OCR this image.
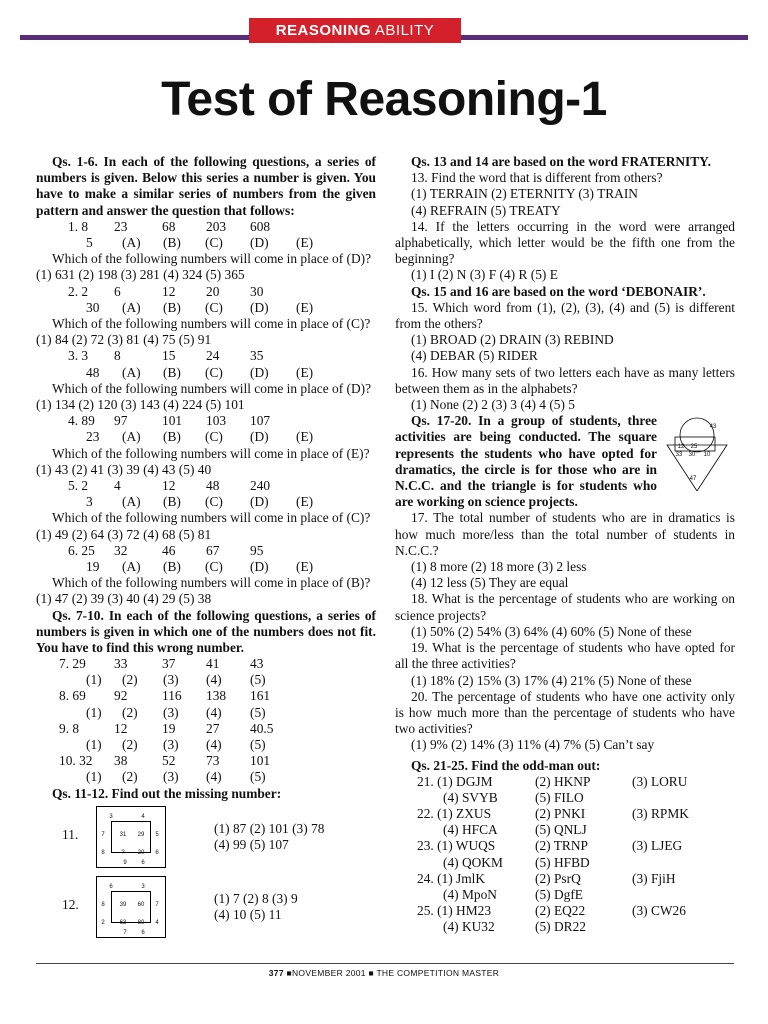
REASONING ABILITY
Test of Reasoning-1

Qs. 1-6. In each of the following questions, a series of numbers is given. Below this series a number is given. You have to make a similar series of numbers from the given pattern and answer the question that follows:

1. 8 23	68 203 608
5 (A) (B) (C) (D) (E)

Which of the following numbers will come in place of (D)?

(1) 631 (2) 198 (3) 281 (4) 324 (5) 365

2. 2 6	12 20 30
30 (A) (B) (C) (D) (E)

Which of the following numbers will come in place of (C)?

(1) 84 (2) 72 (3) 81 (4) 75 (5) 91

3. 3 8	15 24 35
48 (A) (B) (C) (D) (E)

Which of the following numbers will come in place of (D)?

(1) 134 (2) 120 (3) 143 (4) 224 (5) 101

4. 89 97	101 103 107
23 (A) (B) (C) (D) (E)

Which of the following numbers will come in place of (E)?

(1) 43 (2) 41 (3) 39 (4) 43 (5) 40

5. 2 4	12 48 240
3 (A) (B) (C) (D) (E)

Which of the following numbers will come in place of (C)?

(1) 49 (2) 64 (3) 72 (4) 68 (5) 81

6. 25 32	46 67 95
19 (A) (B) (C) (D) (E)

Which of the following numbers will come in place of (B)?

(1) 47 (2) 39 (3) 40 (4) 29 (5) 38

Qs. 7-10. In each of the following questions, a series of numbers is given in which one of the numbers does not fit. You have to find this wrong number.

7. 29 33	37 41 43
(1) (2) (3) (4) (5)
8. 69 92	116 138 161
(1) (2) (3) (4) (5)
9. 8	12	19 27 40.5
(1) (2) (3) (4) (5)
10. 32 38	52 73 101
(1) (2) (3) (4) (5)

Qs. 11-12. Find out the missing number:

11.
3	4
7	31	29	5
8	?	20	6
9	6
(1) 87 (2) 101 (3) 78
(4) 99 (5) 107
12.
6	3
8	39	60	7
2	63	80	4
7	6
(1) 7 (2) 8 (3) 9
(4) 10 (5) 11

Qs. 13 and 14 are based on the word FRATERNITY.

13. Find the word that is different from others?

(1) TERRAIN (2) ETERNITY (3) TRAIN

(4) REFRAIN (5) TREATY

14. If the letters occurring in the word were arranged alphabetically, which letter would be the fifth one from the beginning?

(1) I (2) N (3) F (4) R (5) E

Qs. 15 and 16 are based on the word ‘DEBONAIR’.

15. Which word from (1), (2), (3), (4) and (5) is different from the others?

(1) BROAD (2) DRAIN (3) REBIND

(4) DEBAR (5) RIDER

16. How many sets of two letters each have as many letters between them as in the alphabets?

(1) None (2) 2 (3) 3 (4) 4 (5) 5

43
12	25
33	30	10
47

Qs. 17-20. In a group of students, three activities are being conducted. The square represents the students who have opted for dramatics, the circle is for those who are in N.C.C. and the triangle is for students who are working on science projects.

17. The total number of students who are in dramatics is how much more/less than the total number of students in N.C.C.?

(1) 8 more (2) 18 more (3) 2 less

(4) 12 less (5) They are equal

18. What is the percentage of students who are working on science projects?

(1) 50% (2) 54% (3) 64% (4) 60% (5) None of these

19. What is the percentage of students who have opted for all the three activities?

(1) 18% (2) 15% (3) 17% (4) 21% (5) None of these

20. The percentage of students who have one activity only is how much more than the percentage of students who have two activities?

(1) 9% (2) 14% (3) 11% (4) 7% (5) Can’t say

Qs. 21-25. Find the odd-man out:

21. (1) DGJM	(2) HKNP	(3) LORU
(4) SVYB	(5) FILO
22. (1) ZXUS	(2) PNKI	(3) RPMK
(4) HFCA	(5) QNLJ
23. (1) WUQS	(2) TRNP	(3) LJEG
(4) QOKM (5) HFBD
24. (1) JmlK	(2) PsrQ	(3) FjiH
(4) MpoN	(5) DgfE
25. (1) HM23	(2) EQ22	(3) CW26
(4) KU32	(5) DR22
377 ■NOVEMBER 2001 ■ THE COMPETITION MASTER
